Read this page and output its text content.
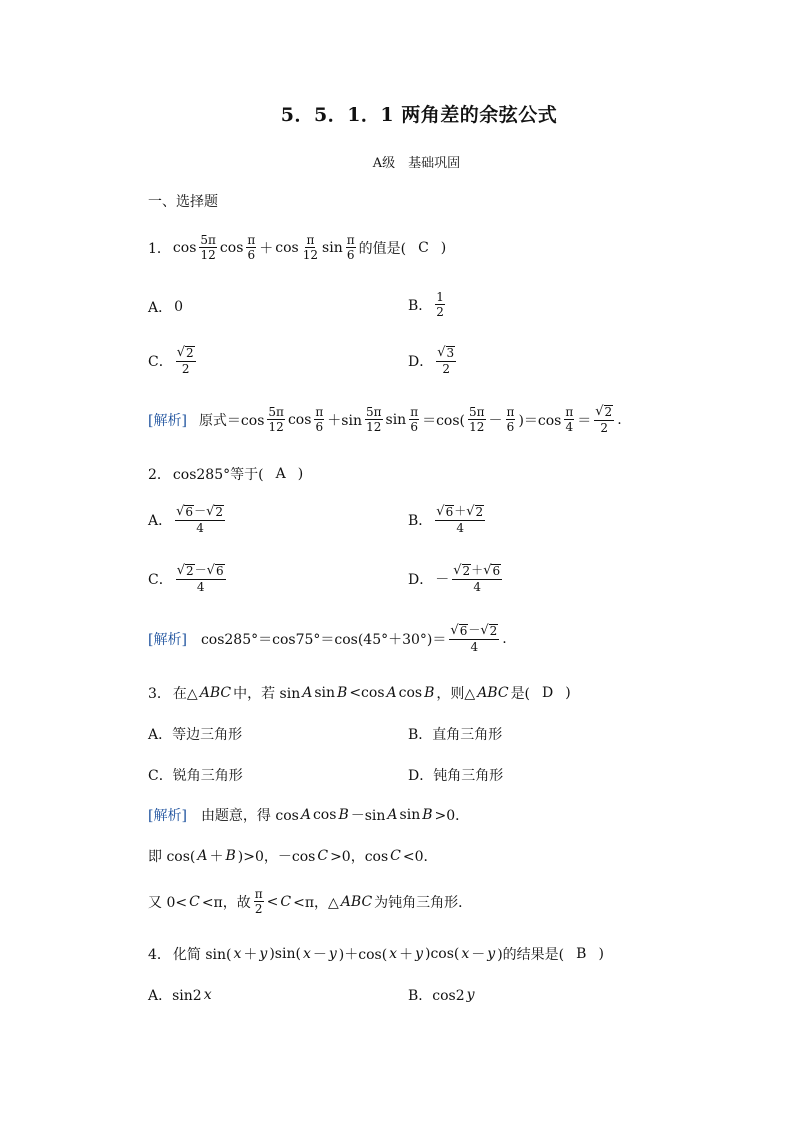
5．5．1．1 两角差的余弦公式
A级　基础巩固
一、选择题
1． $\cos \frac{5\pi}{12}$ $\cos \frac{\pi}{6} + \cos \frac{\pi}{12}$ $\sin \frac{\pi}{6}$ 的值是( C )
A． 0	B． $\frac{1}{2}$
C． $\frac{√ 2}{2}$	D． $\frac{√ 3}{2}$
[解析] 原式$=\cos \frac{5\pi}{12}$ $\cos \frac{\pi}{6} +\sin \frac{5\pi}{12}$ $\sin \frac{\pi}{6} =\cos( \frac{5\pi}{12} - \frac{\pi}{6} )=\cos \frac{\pi}{4} = \frac{√ 2}{2}$ .
2． cos285°等于( A )
A． $\frac{√ 6 - √ 2}{4}$	B． $\frac{√ 6 + √ 2}{4}$
C． $\frac{√ 2 - √ 6}{4}$	D． － $\frac{√ 2 + √ 6}{4}$
[解析] $\cos 285^\circ=\cos 75^\circ=\cos(45^\circ+30^\circ)= \frac{√ 6 - √ 2}{4}$ .
3． 在△ ABC 中，若 sin A sin B <cos A cos B ，则△ ABC 是( D )
A．等边三角形	B．直角三角形
C．锐角三角形	D．钝角三角形
[解析] 由题意，得 cos A cos B －sin A sin B >0．
即 cos( A ＋ B )>0，－cos C >0，cos C <0．
又 0< C <π，故 $\frac{\pi}{2} < C <\pi$，△ ABC 为钝角三角形．
4． 化简 sin( x ＋ y )sin( x － y )＋cos( x ＋ y )cos( x － y )的结果是( B )
A．sin2 x	B．cos2 y
